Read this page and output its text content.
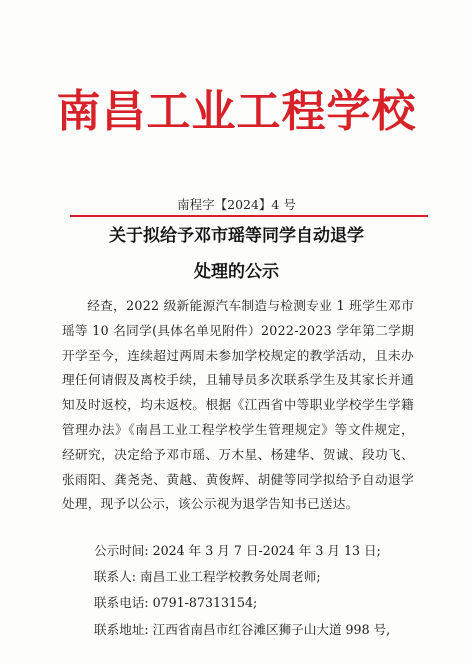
南昌工业工程学校
南程字【2024】4 号
关于拟给予邓市瑶等同学自动退学
处理的公示
经查，2022 级新能源汽车制造与检测专业 1 班学生邓市瑶等 10 名同学(具体名单见附件）2022-2023 学年第二学期开学至今，连续超过两周未参加学校规定的教学活动，且未办理任何请假及离校手续，且辅导员多次联系学生及其家长并通知及时返校，均未返校。根据《江西省中等职业学校学生学籍管理办法》《南昌工业工程学校学生管理规定》等文件规定，经研究，决定给予邓市瑶、万木星、杨建华、贺诚、段功飞、张雨阳、龚尧尧、黄越、黄俊辉、胡健等同学拟给予自动退学处理，现予以公示，该公示视为退学告知书已送达。
公示时间: 2024 年 3 月 7 日-2024 年 3 月 13 日;
联系人: 南昌工业工程学校教务处周老师;
联系电话: 0791-87313154;
联系地址: 江西省南昌市红谷滩区狮子山大道 998 号,
